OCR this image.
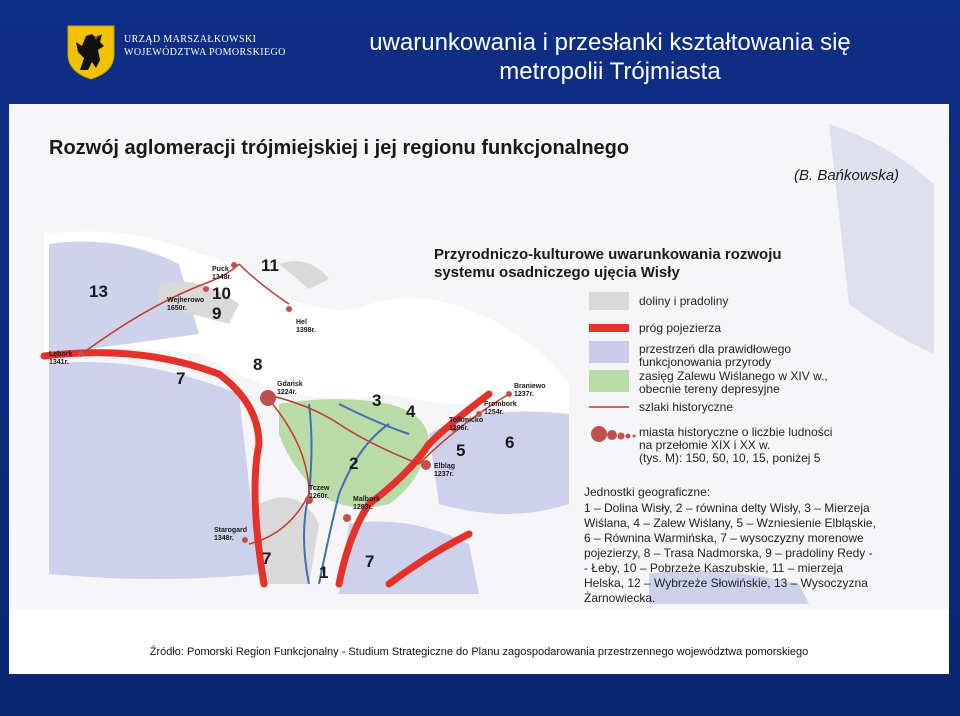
URZĄD MARSZAŁKOWSKI
WOJEWÓDZTWA POMORSKIEGO	uwarunkowania i przesłanki kształtowania się
metropolii Trójmiasta
Rozwój aglomeracji trójmiejskiej i jej regionu funkcjonalnego
(B. Bańkowska)
Przyrodniczo-kulturowe uwarunkowania rozwoju
systemu osadniczego ujęcia Wisły
doliny i pradoliny
próg pojezierza
przestrzeń dla prawidłowego
funkcjonowania przyrody
zasięg Zalewu Wiślanego w XIV w.,
obecnie tereny depresyjne
szlaki historyczne
miasta historyczne o liczbie ludności
na przełomie XIX i XX w.
(tys. M): 150, 50, 10, 15, poniżej 5
Jednostki geograficzne:
1 – Dolina Wisły, 2 – równina delty Wisły, 3 – Mierzeja
Wiślana, 4 – Zalew Wiślany, 5 – Wzniesienie Elbląskie,
6 – Równina Warmińska, 7 – wysoczyzny morenowe
pojezierzy, 8 – Trasa Nadmorska, 9 – pradoliny Redy -
- Łeby, 10 – Pobrzeże Kaszubskie, 11 – mierzeja
Helska, 12 – Wybrzeże Słowińskie, 13 – Wysoczyzna
Żarnowiecka.
13	10
9
11
8
7
3
4
5 6
2
7
1
7
Puck
1348r.
Wejherowo
1650r.
Hel
1398r.
Lębork
1341r.
Gdańsk
1224r.
Braniewo
1237r.
Frombork
1254r.
Tolkmicko
1296r.
Elbląg
1237r.
Tczew
1260r.	Malbork
1283r.
Starogard
1348r.
Źródło: Pomorski Region Funkcjonalny - Studium Strategiczne do Planu zagospodarowania przestrzennego województwa pomorskiego
